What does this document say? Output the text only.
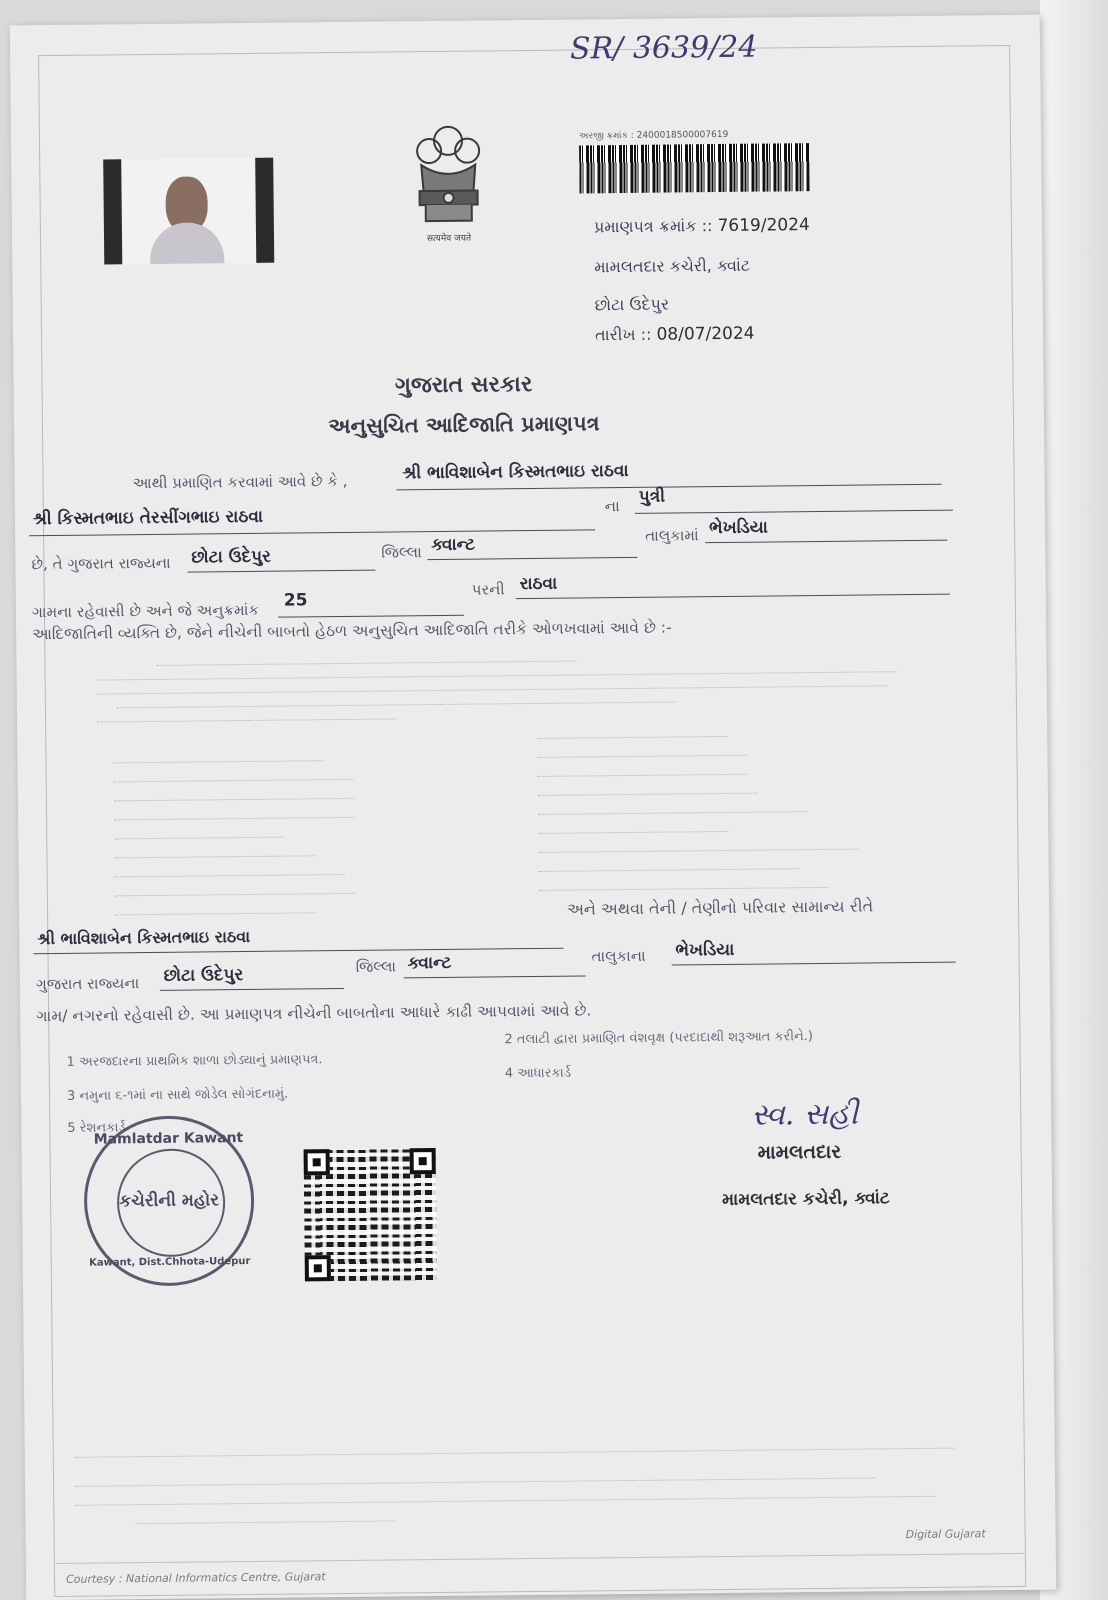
SR/ 3639/24
सत्यमेव जयते
અરજી ક્રમાંક : 2400018500007619
પ્રમાણપત્ર ક્રમાંક :: 7619/2024
મામલતદાર કચેરી, ક્વાંટ
છોટા ઉદેપુર
તારીખ :: 08/07/2024
ગુજરાત સરકાર
અનુસુચિત આદિજાતિ પ્રમાણપત્ર
આથી પ્રમાણિત કરવામાં આવે છે કે ,	શ્રી ભાવિશાબેન કિસ્મતભાઇ રાઠવા
શ્રી કિસ્મતભાઇ તેરસીંગભાઇ રાઠવા
ના પુત્રી
છે, તે ગુજરાત રાજ્યના છોટા ઉદેપુર	જિલ્લા ક્વાન્ટ	તાલુકામાં ભેખડિયા
ગામના રહેવાસી છે અને જે અનુક્રમાંક
25
પરની રાઠવા
આદિજાતિની વ્યક્તિ છે, જેને નીચેની બાબતો હેઠળ અનુસુચિત આદિજાતિ તરીકે ઓળખવામાં આવે છે :-
અને અથવા તેની / તેણીનો પરિવાર સામાન્ય રીતે
શ્રી ભાવિશાબેન કિસ્મતભાઇ રાઠવા
ગુજરાત રાજ્યના છોટા ઉદેપુર	જિલ્લા ક્વાન્ટ	તાલુકાના ભેખડિયા
ગામ/ નગરનો રહેવાસી છે. આ પ્રમાણપત્ર નીચેની બાબતોના આધારે કાઢી આપવામાં આવે છે.
1 અરજદારના પ્રાથમિક શાળા છોડ્યાનું પ્રમાણપત્ર.
2 તલાટી દ્વારા પ્રમાણિત વંશવૃક્ષ (પરદાદાથી શરૂઆત કરીને.)
3 નમુના ૬-૧માં ના સાથે જોડેલ સોગંદનામું.
4 આધારકાર્ડ
5 રેશનકાર્ડ
Mamlatdar Kawant
કચેરીની મહોર
Kawant, Dist.Chhota-Udepur
સ્વ. સહી
મામલતદાર
મામલતદાર કચેરી, ક્વાંટ
Courtesy : National Informatics Centre, Gujarat
Digital Gujarat
